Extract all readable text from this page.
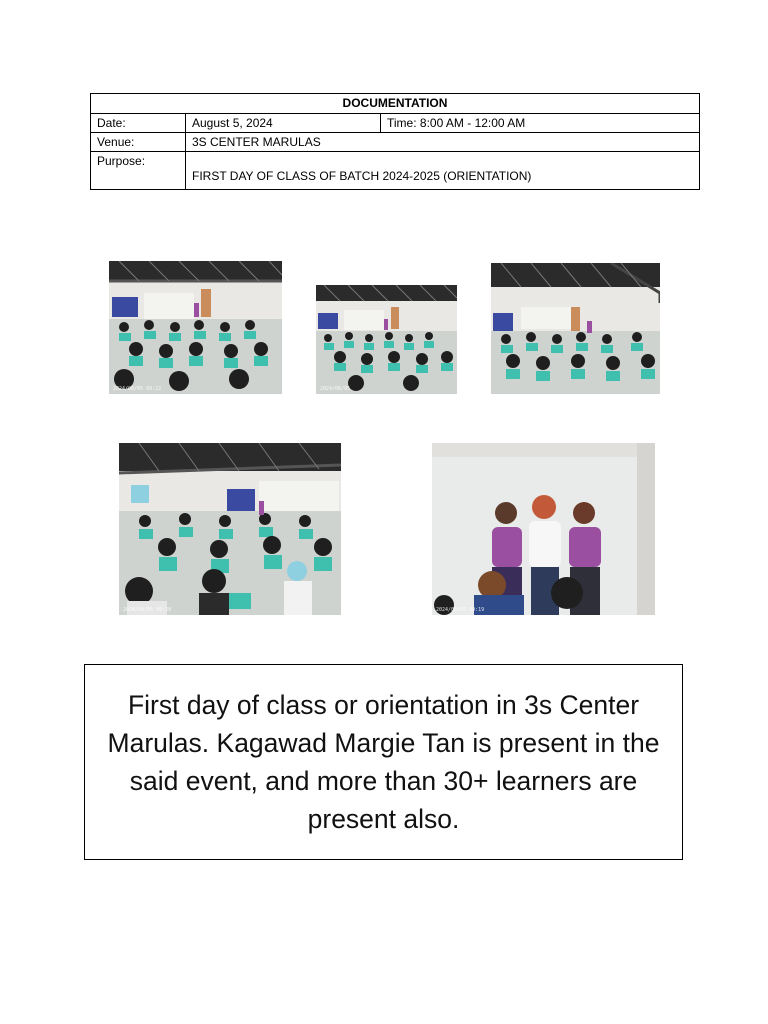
DOCUMENTATION		
Date:	August 5, 2024	Time: 8:00 AM - 12:00 AM
Venue:	3S CENTER MARULAS	
Purpose:	FIRST DAY OF CLASS OF BATCH 2024-2025 (ORIENTATION)	
2024/08/05 09:22	2024/08/05
2024/08/05 09:20	2024/08/05 09:19

First day of class or orientation in 3s Center Marulas. Kagawad Margie Tan is present in the said event, and more than 30+ learners are present also.
